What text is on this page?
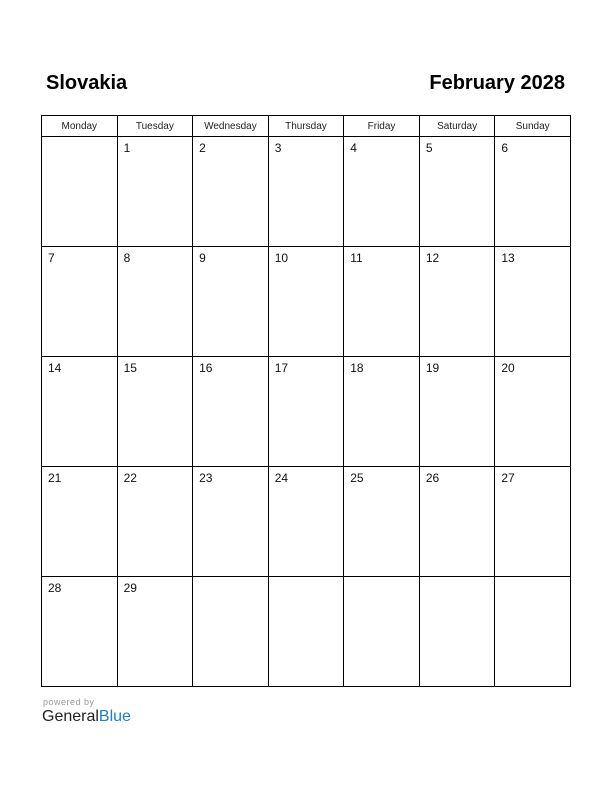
Slovakia	February 2028
Monday	Tuesday	Wednesday	Thursday	Friday	Saturday	Sunday

	1	2	3	4	5	6

7	8	9	10	11	12	13

14	15	16	17	18	19	20

21	22	23	24	25	26	27

28	29					

powered by
GeneralBlue
